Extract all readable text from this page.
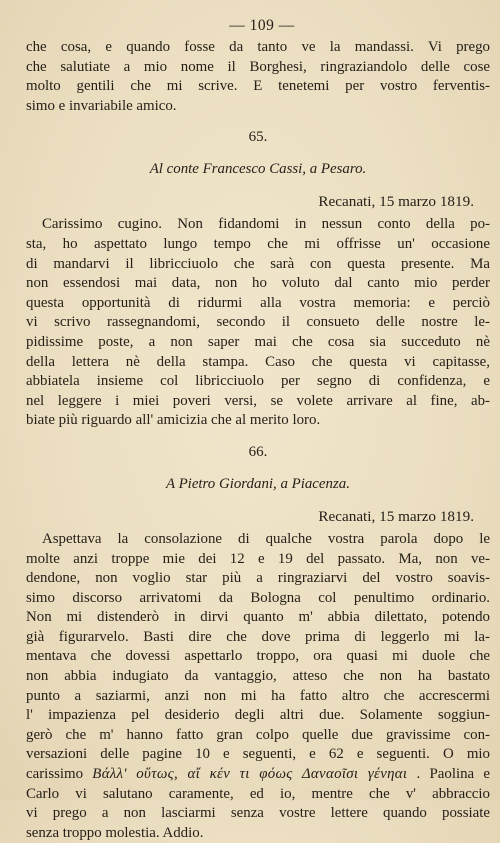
— 109 —
che cosa, e quando fosse da tanto ve la mandassi. Vi prego
che salutiate a mio nome il Borghesi, ringraziandolo delle cose
molto gentili che mi scrive. E tenetemi per vostro ferventis-
simo e invariabile amico.
65.
Al conte Francesco Cassi, a Pesaro.
Recanati, 15 marzo 1819.
Carissimo cugino. Non fidandomi in nessun conto della po-
sta, ho aspettato lungo tempo che mi offrisse un' occasione
di mandarvi il libricciuolo che sarà con questa presente. Ma
non essendosi mai data, non ho voluto dal canto mio perder
questa opportunità di ridurmi alla vostra memoria: e perciò
vi scrivo rassegnandomi, secondo il consueto delle nostre le-
pidissime poste, a non saper mai che cosa sia succeduto nè
della lettera nè della stampa. Caso che questa vi capitasse,
abbiatela insieme col libricciuolo per segno di confidenza, e
nel leggere i miei poveri versi, se volete arrivare al fine, ab-
biate più riguardo all' amicizia che al merito loro.
66.
A Pietro Giordani, a Piacenza.
Recanati, 15 marzo 1819.
Aspettava la consolazione di qualche vostra parola dopo le
molte anzi troppe mie dei 12 e 19 del passato. Ma, non ve-
dendone, non voglio star più a ringraziarvi del vostro soavis-
simo discorso arrivatomi da Bologna col penultimo ordinario.
Non mi distenderò in dirvi quanto m' abbia dilettato, potendo
già figurarvelo. Basti dire che dove prima di leggerlo mi la-
mentava che dovessi aspettarlo troppo, ora quasi mi duole che
non abbia indugiato da vantaggio, atteso che non ha bastato
punto a saziarmi, anzi non mi ha fatto altro che accrescermi
l' impazienza pel desiderio degli altri due. Solamente soggiun-
gerò che m' hanno fatto gran colpo quelle due gravissime con-
versazioni delle pagine 10 e seguenti, e 62 e seguenti. O mio
carissimo Βάλλ' οὕτως, αἴ κέν τι φόως Δαναοῖσι γένηαι . Paolina e
Carlo vi salutano caramente, ed io, mentre che v' abbraccio
vi prego a non lasciarmi senza vostre lettere quando possiate
senza troppo molestia. Addio.
